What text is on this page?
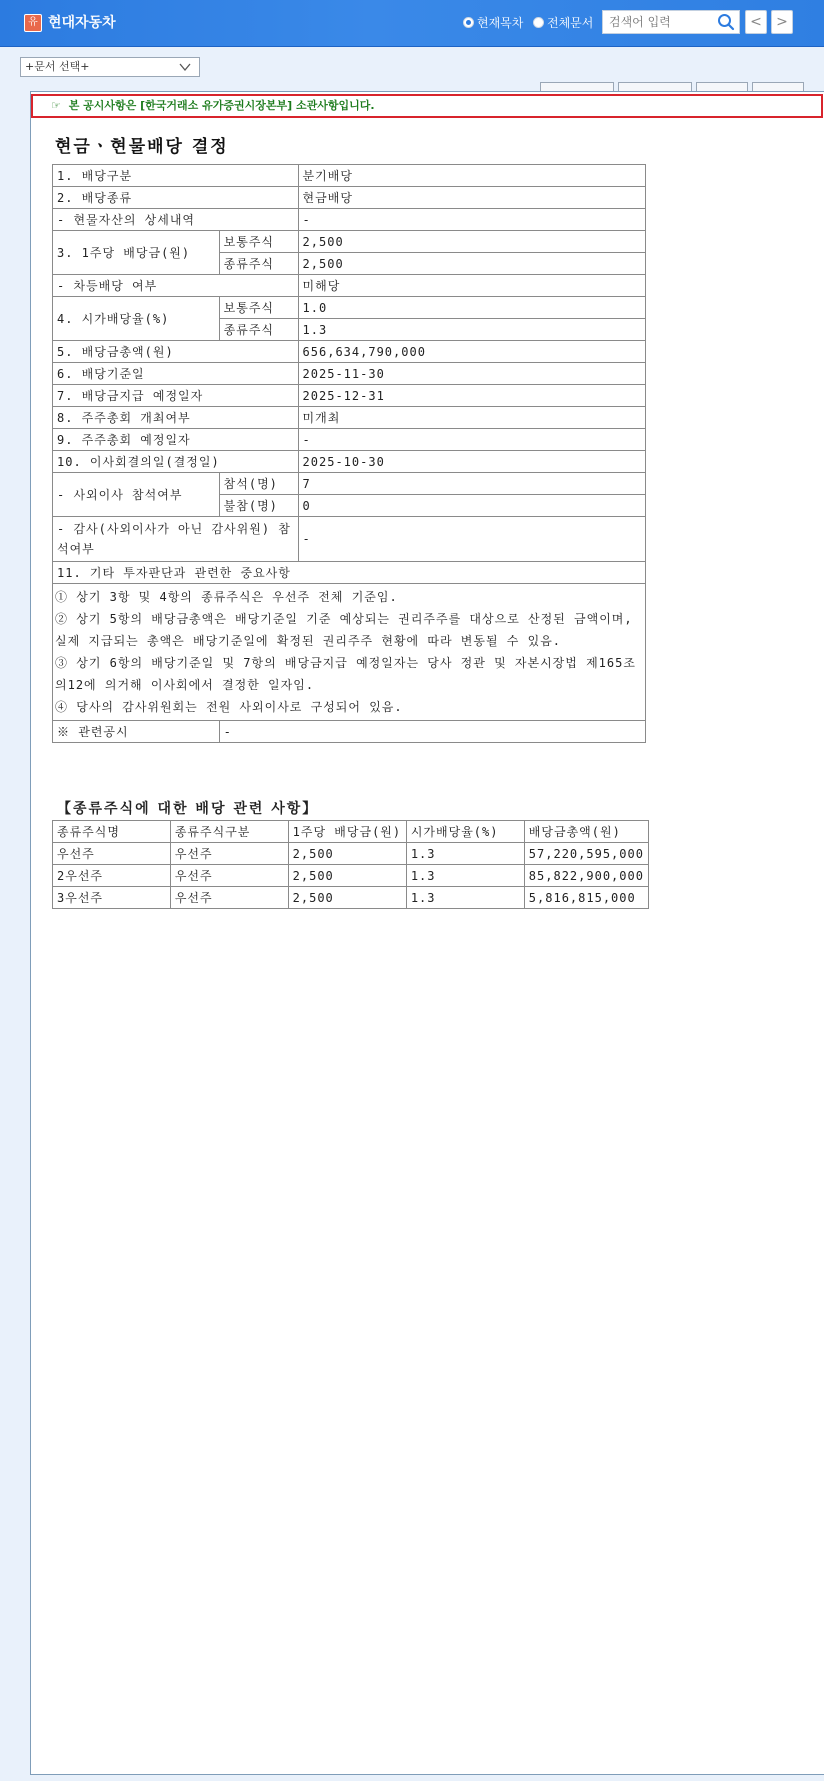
유 현대자동차	현재목차 전체문서
검색어 입력	<	>
+문서 선택+
☞ 본 공시사항은 [한국거래소 유가증권시장본부] 소관사항입니다.
현금ㆍ현물배당 결정
1. 배당구분		분기배당
2. 배당종류		현금배당
- 현물자산의 상세내역		-
3. 1주당 배당금(원)	보통주식	2,500
	종류주식	2,500
- 차등배당 여부		미해당
4. 시가배당율(%)	보통주식	1.0
	종류주식	1.3
5. 배당금총액(원)		656,634,790,000
6. 배당기준일		2025-11-30
7. 배당금지급 예정일자		2025-12-31
8. 주주총회 개최여부		미개최
9. 주주총회 예정일자		-
10. 이사회결의일(결정일)		2025-10-30
- 사외이사 참석여부	참석(명)	7
	불참(명)	0
- 감사(사외이사가 아닌 감사위원) 참석여부		-
11. 기타 투자판단과 관련한 중요사항		

① 상기 3항 및 4항의 종류주식은 우선주 전체 기준임.
② 상기 5항의 배당금총액은 배당기준일 기준 예상되는 권리주주를 대상으로 산정된 금액이며, 실제 지급되는 총액은 배당기준일에 확정된 권리주주 현황에 따라 변동될 수 있음.
③ 상기 6항의 배당기준일 및 7항의 배당금지급 예정일자는 당사 정관 및 자본시장법 제165조의12에 의거해 이사회에서 결정한 일자임.
④ 당사의 감사위원회는 전원 사외이사로 구성되어 있음.		

※ 관련공시	-	
【종류주식에 대한 배당 관련 사항】
종류주식명	종류주식구분	1주당 배당금(원)	시가배당율(%)	배당금총액(원)
우선주	우선주	2,500	1.3	57,220,595,000
2우선주	우선주	2,500	1.3	85,822,900,000
3우선주	우선주	2,500	1.3	5,816,815,000
